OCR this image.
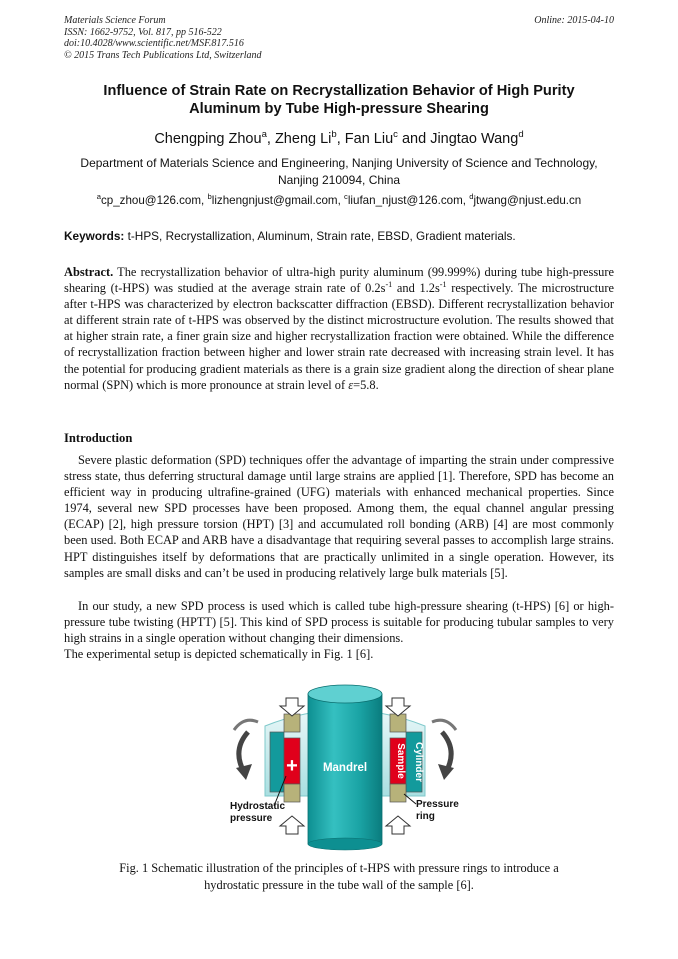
Materials Science Forum
ISSN: 1662-9752, Vol. 817, pp 516-522
doi:10.4028/www.scientific.net/MSF.817.516
© 2015 Trans Tech Publications Ltd, Switzerland
Online: 2015-04-10
Influence of Strain Rate on Recrystallization Behavior of High Purity
Aluminum by Tube High-pressure Shearing
Chengping Zhou$^a$, Zheng Li$^b$, Fan Liu$^c$ and Jingtao Wang$^d$
Department of Materials Science and Engineering, Nanjing University of Science and Technology,
Nanjing 210094, China
$^a$cp_zhou@126.com, $^b$lizhengnjust@gmail.com, $^c$liufan_njust@126.com, $^d$jtwang@njust.edu.cn
Keywords: t-HPS, Recrystallization, Aluminum, Strain rate, EBSD, Gradient materials.
Abstract. The recrystallization behavior of ultra-high purity aluminum (99.999%) during tube high-pressure shearing (t-HPS) was studied at the average strain rate of $0.2s^{-1}$ and $1.2s^{-1}$ respectively. The microstructure after t-HPS was characterized by electron backscatter diffraction (EBSD). Different recrystallization behavior at different strain rate of t-HPS was observed by the distinct microstructure evolution. The results showed that at higher strain rate, a finer grain size and higher recrystallization fraction were obtained. While the difference of recrystallization fraction between higher and lower strain rate decreased with increasing strain level. It has the potential for producing gradient materials as there is a grain size gradient along the direction of shear plane normal (SPN) which is more pronounce at strain level of ε=5.8.
Introduction
Severe plastic deformation (SPD) techniques offer the advantage of imparting the strain under compressive stress state, thus deferring structural damage until large strains are applied [1]. Therefore, SPD has become an efficient way in producing ultrafine-grained (UFG) materials with enhanced mechanical properties. Since 1974, several new SPD processes have been proposed. Among them, the equal channel angular pressing (ECAP) [2], high pressure torsion (HPT) [3] and accumulated roll bonding (ARB) [4] are most commonly been used. Both ECAP and ARB have a disadvantage that requiring several passes to accomplish large strains. HPT distinguishes itself by deformations that are practically unlimited in a single operation. However, its samples are small disks and can’t be used in producing relatively large bulk materials [5].
In our study, a new SPD process is used which is called tube high-pressure shearing (t-HPS) [6] or high-pressure tube twisting (HPTT) [5]. This kind of SPD process is suitable for producing tubular samples to very high strains in a single operation without changing their dimensions.
The experimental setup is depicted schematically in Fig. 1 [6].
+ Mandrel	Sample Cylinder
Hydrostatic
pressure
Pressure
ring
Fig. 1 Schematic illustration of the principles of t-HPS with pressure rings to introduce a
hydrostatic pressure in the tube wall of the sample [6].
